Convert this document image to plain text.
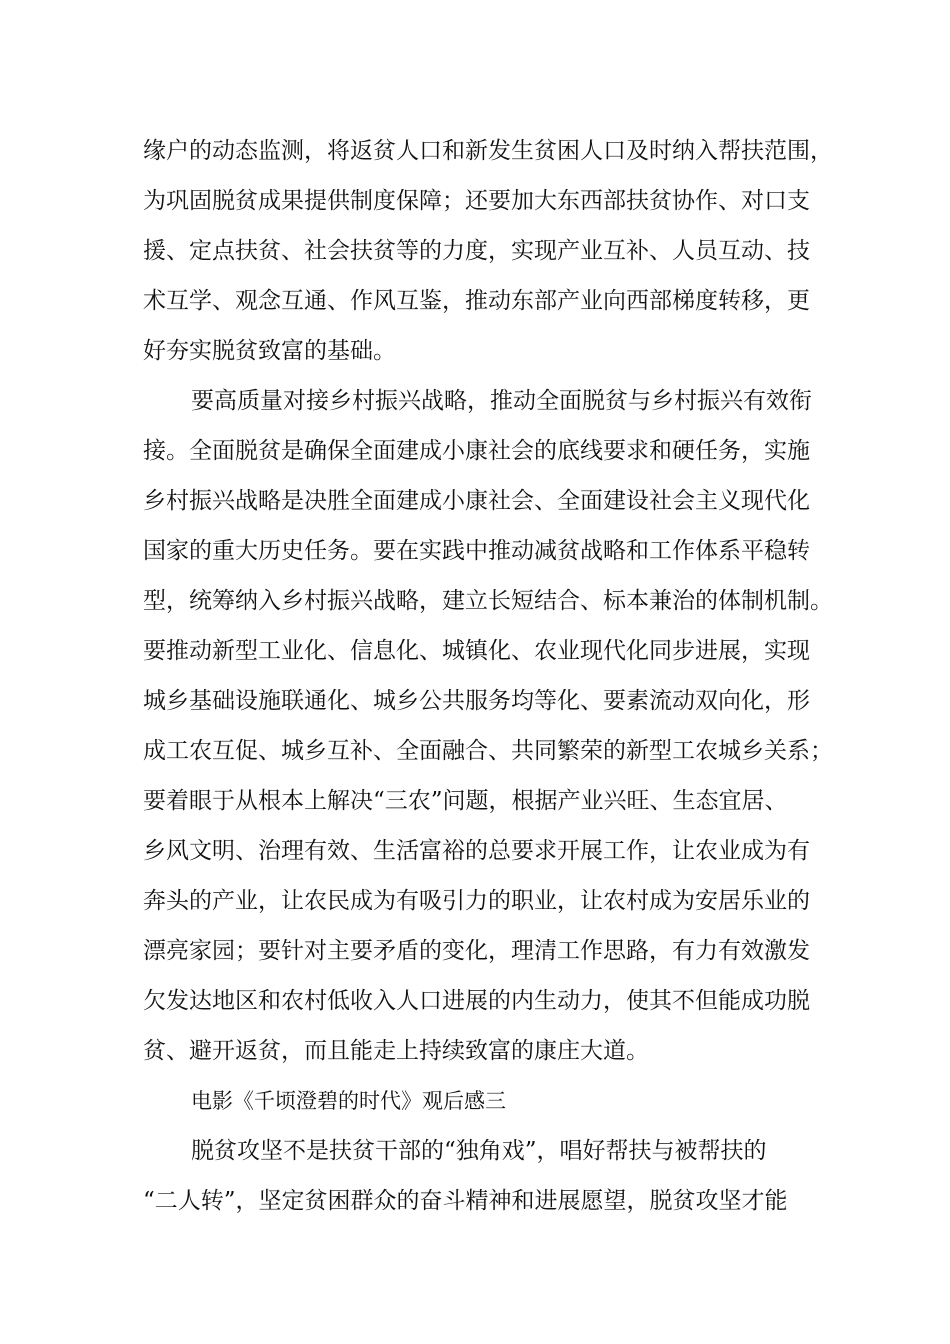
缘户的动态监测，将返贫人口和新发生贫困人口及时纳入帮扶范围，
为巩固脱贫成果提供制度保障；还要加大东西部扶贫协作、对口支
援、定点扶贫、社会扶贫等的力度，实现产业互补、人员互动、技
术互学、观念互通、作风互鉴，推动东部产业向西部梯度转移，更
好夯实脱贫致富的基础。
要高质量对接乡村振兴战略，推动全面脱贫与乡村振兴有效衔
接。全面脱贫是确保全面建成小康社会的底线要求和硬任务，实施
乡村振兴战略是决胜全面建成小康社会、全面建设社会主义现代化
国家的重大历史任务。要在实践中推动减贫战略和工作体系平稳转
型，统筹纳入乡村振兴战略，建立长短结合、标本兼治的体制机制。
要推动新型工业化、信息化、城镇化、农业现代化同步进展，实现
城乡基础设施联通化、城乡公共服务均等化、要素流动双向化，形
成工农互促、城乡互补、全面融合、共同繁荣的新型工农城乡关系；
要着眼于从根本上解决“三农”问题，根据产业兴旺、生态宜居、
乡风文明、治理有效、生活富裕的总要求开展工作，让农业成为有
奔头的产业，让农民成为有吸引力的职业，让农村成为安居乐业的
漂亮家园；要针对主要矛盾的变化，理清工作思路，有力有效激发
欠发达地区和农村低收入人口进展的内生动力，使其不但能成功脱
贫、避开返贫，而且能走上持续致富的康庄大道。
电影《千顷澄碧的时代》观后感三
脱贫攻坚不是扶贫干部的“独角戏”，唱好帮扶与被帮扶的
“二人转”，坚定贫困群众的奋斗精神和进展愿望，脱贫攻坚才能
